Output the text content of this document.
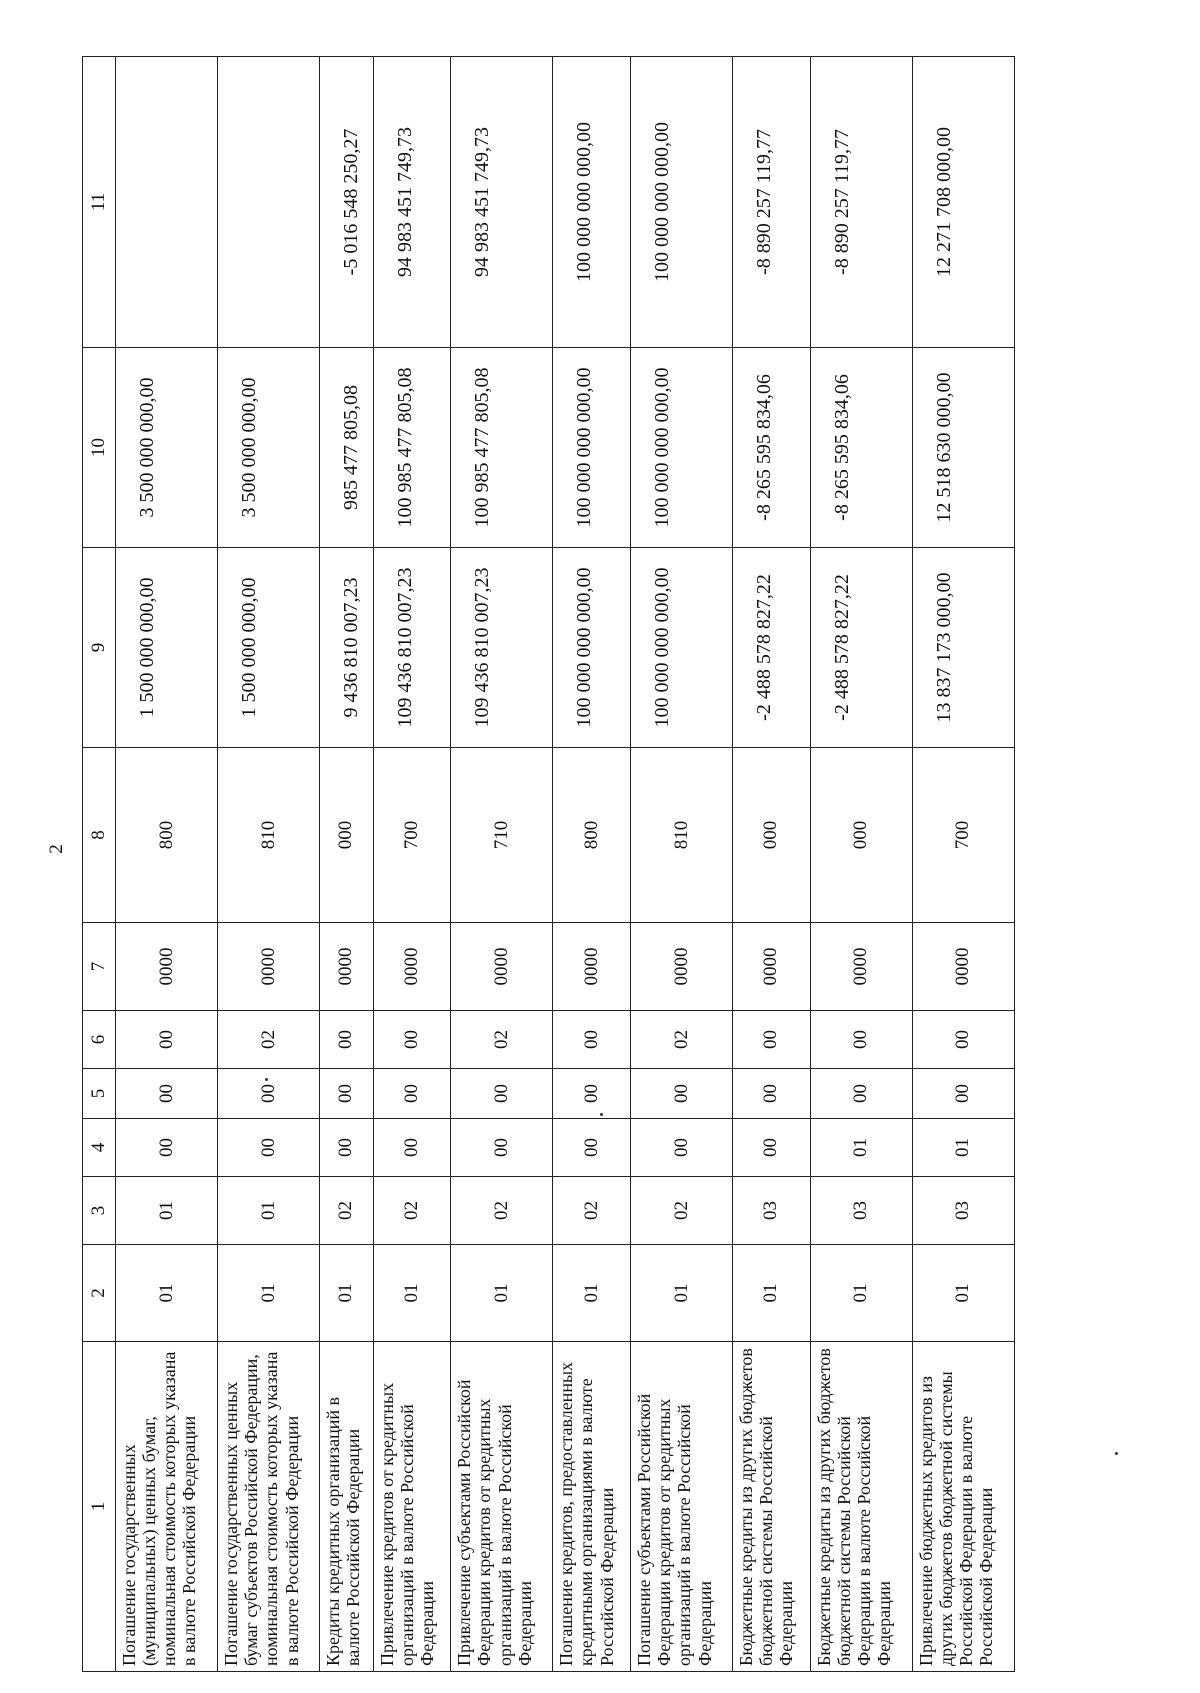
2
1	2	3	4	5	6	7	8	9	10	11
Погашение государственных (муниципальных) ценных бумаг, номинальная стоимость которых указана в валюте Российской Федерации	01	01	00	00	00	0000	800	1 500 000 000,00	3 500 000 000,00	
Погашение государственных ценных бумаг субъектов Российской Федерации, номинальная стоимость которых указана в валюте Российской Федерации	01	01	00	00	02	0000	810	1 500 000 000,00	3 500 000 000,00	
Кредиты кредитных организаций в валюте Российской Федерации	01	02	00	00	00	0000	000	9 436 810 007,23	985 477 805,08	-5 016 548 250,27
Привлечение кредитов от кредитных организаций в валюте Российской Федерации	01	02	00	00	00	0000	700	109 436 810 007,23	100 985 477 805,08	94 983 451 749,73
Привлечение субъектами Российской Федерации кредитов от кредитных организаций в валюте Российской Федерации	01	02	00	00	02	0000	710	109 436 810 007,23	100 985 477 805,08	94 983 451 749,73
Погашение кредитов, предоставленных кредитными организациями в валюте Российской Федерации	01	02	00	00	00	0000	800	100 000 000 000,00	100 000 000 000,00	100 000 000 000,00
Погашение субъектами Российской Федерации кредитов от кредитных организаций в валюте Российской Федерации	01	02	00	00	02	0000	810	100 000 000 000,00	100 000 000 000,00	100 000 000 000,00
Бюджетные кредиты из других бюджетов бюджетной системы Российской Федерации	01	03	00	00	00	0000	000	-2 488 578 827,22	-8 265 595 834,06	-8 890 257 119,77
Бюджетные кредиты из других бюджетов бюджетной системы Российской Федерации в валюте Российской Федерации	01	03	01	00	00	0000	000	-2 488 578 827,22	-8 265 595 834,06	-8 890 257 119,77
Привлечение бюджетных кредитов из других бюджетов бюджетной системы Российской Федерации в валюте Российской Федерации	01	03	01	00	00	0000	700	13 837 173 000,00	12 518 630 000,00	12 271 708 000,00
